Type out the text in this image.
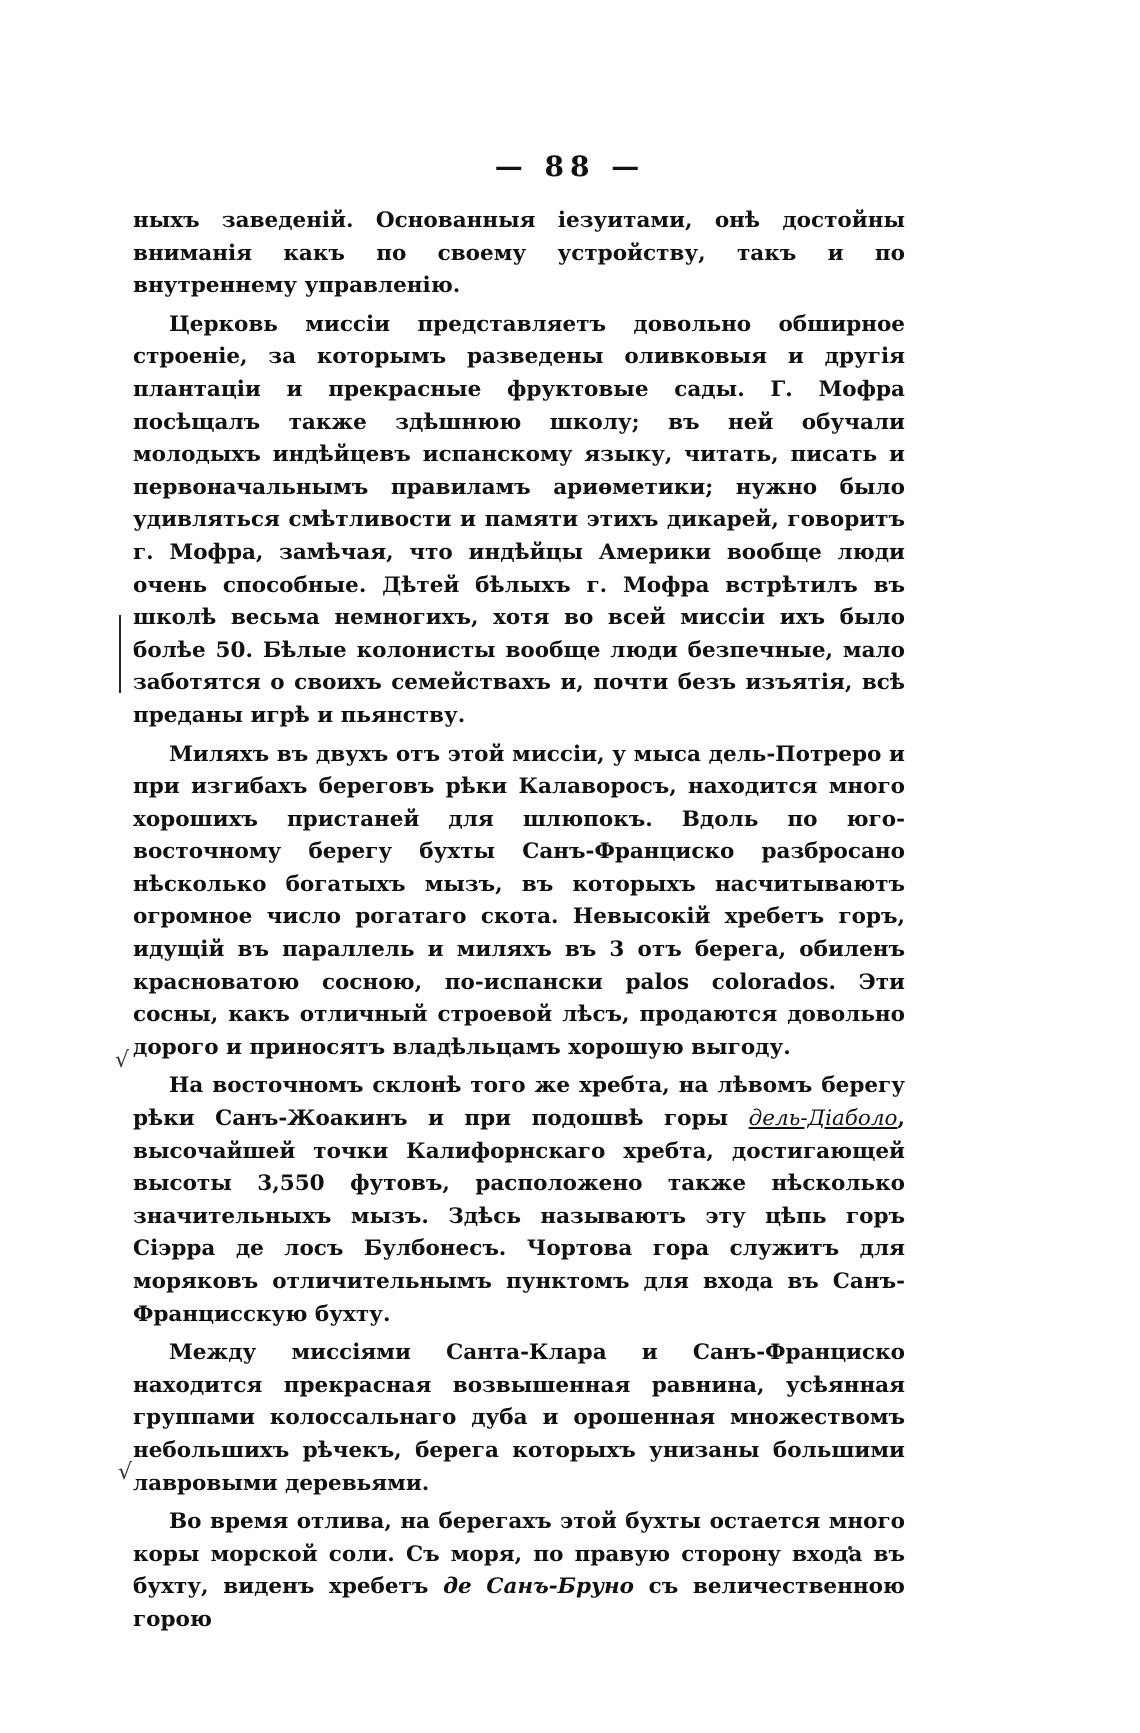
— 88 —
√
√

ныхъ заведеній. Основанныя іезуитами, онѣ достойны вниманія какъ по своему устройству, такъ и по внутреннему управленію.

Церковь миссіи представляетъ довольно обширное строеніе, за которымъ разведены оливковыя и другія плантаціи и прекрасные фруктовые сады. Г. Мофра посѣщалъ также здѣшнюю школу; въ ней обучали молодыхъ индѣйцевъ испанскому языку, читать, писать и первоначальнымъ правиламъ ариѳметики; нужно было удивляться смѣтливости и памяти этихъ дикарей, говоритъ г. Мофра, замѣчая, что индѣйцы Америки вообще люди очень способные. Дѣтей бѣлыхъ г. Мофра встрѣтилъ въ школѣ весьма немногихъ, хотя во всей миссіи ихъ было болѣе 50. Бѣлые колонисты вообще люди безпечные, мало заботятся о своихъ семействахъ и, почти безъ изъятія, всѣ преданы игрѣ и пьянству.

Миляхъ въ двухъ отъ этой миссіи, у мыса дель-Потреро и при изгибахъ береговъ рѣки Калаворосъ, находится много хорошихъ пристаней для шлюпокъ. Вдоль по юго-восточному берегу бухты Санъ-Франциско разбросано нѣсколько богатыхъ мызъ, въ которыхъ насчитываютъ огромное число рогатаго скота. Невысокій хребетъ горъ, идущій въ параллель и миляхъ въ 3 отъ берега, обиленъ красноватою сосною, по-испански palos colorados. Эти сосны, какъ отличный строевой лѣсъ, продаются довольно дорого и приносятъ владѣльцамъ хорошую выгоду.

На восточномъ склонѣ того же хребта, на лѣвомъ берегу рѣки Санъ-Жоакинъ и при подошвѣ горы дель-Діаболо, высочайшей точки Калифорнскаго хребта, достигающей высоты 3,550 футовъ, расположено также нѣсколько значительныхъ мызъ. Здѣсь называютъ эту цѣпь горъ Сіэрра де лосъ Булбонесъ. Чортова гора служитъ для моряковъ отличительнымъ пунктомъ для входа въ Санъ-Францисскую бухту.

Между миссіями Санта-Клара и Санъ-Франциско находится прекрасная возвышенная равнина, усѣянная группами колоссальнаго дуба и орошенная множествомъ небольшихъ рѣчекъ, берега которыхъ унизаны большими лавровыми деревьями.

Во время отлива, на берегахъ этой бухты остается много коры морской соли. Съ моря, по правую сторону входа въ бухту, виденъ хребетъ де Санъ-Бруно съ величественною горою
